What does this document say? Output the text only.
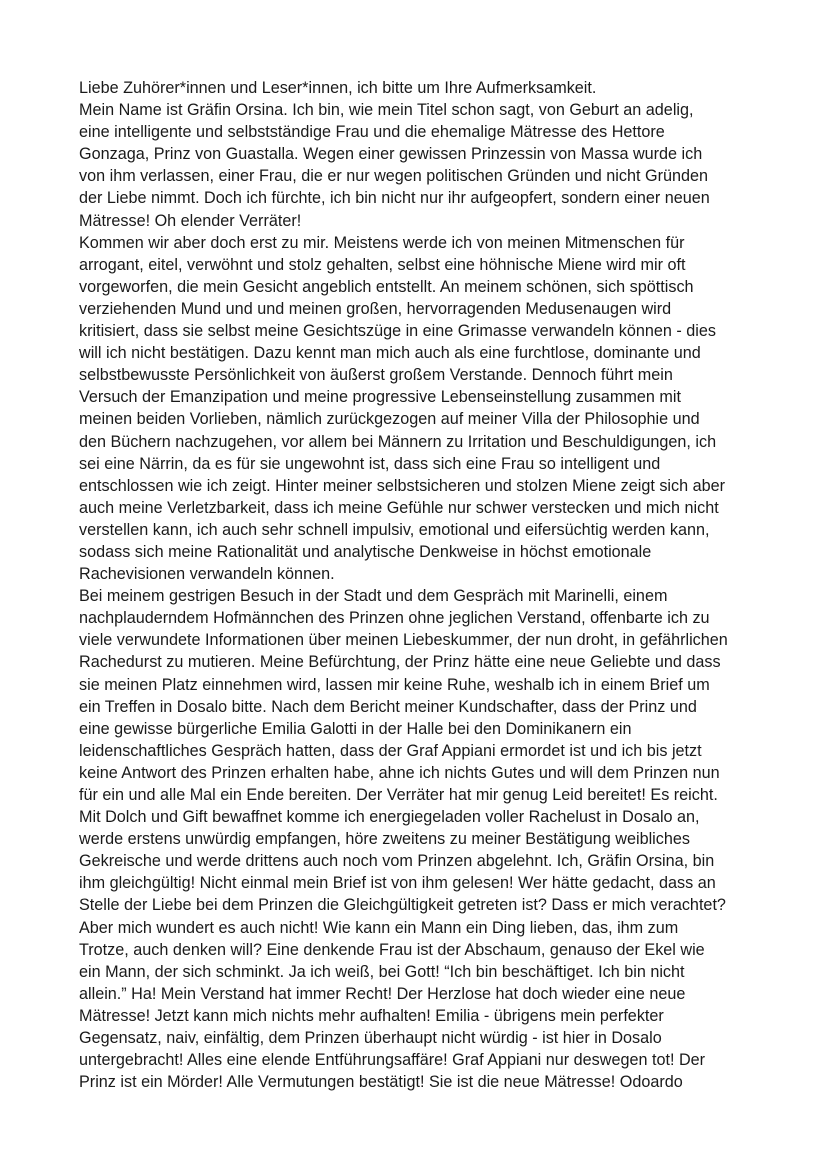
Liebe Zuhörer*innen und Leser*innen, ich bitte um Ihre Aufmerksamkeit.
Mein Name ist Gräfin Orsina. Ich bin, wie mein Titel schon sagt, von Geburt an adelig,
eine intelligente und selbstständige Frau und die ehemalige Mätresse des Hettore
Gonzaga, Prinz von Guastalla. Wegen einer gewissen Prinzessin von Massa wurde ich
von ihm verlassen, einer Frau, die er nur wegen politischen Gründen und nicht Gründen
der Liebe nimmt. Doch ich fürchte, ich bin nicht nur ihr aufgeopfert, sondern einer neuen
Mätresse! Oh elender Verräter!
Kommen wir aber doch erst zu mir. Meistens werde ich von meinen Mitmenschen für
arrogant, eitel, verwöhnt und stolz gehalten, selbst eine höhnische Miene wird mir oft
vorgeworfen, die mein Gesicht angeblich entstellt. An meinem schönen, sich spöttisch
verziehenden Mund und und meinen großen, hervorragenden Medusenaugen wird
kritisiert, dass sie selbst meine Gesichtszüge in eine Grimasse verwandeln können - dies
will ich nicht bestätigen. Dazu kennt man mich auch als eine furchtlose, dominante und
selbstbewusste Persönlichkeit von äußerst großem Verstande. Dennoch führt mein
Versuch der Emanzipation und meine progressive Lebenseinstellung zusammen mit
meinen beiden Vorlieben, nämlich zurückgezogen auf meiner Villa der Philosophie und
den Büchern nachzugehen, vor allem bei Männern zu Irritation und Beschuldigungen, ich
sei eine Närrin, da es für sie ungewohnt ist, dass sich eine Frau so intelligent und
entschlossen wie ich zeigt. Hinter meiner selbstsicheren und stolzen Miene zeigt sich aber
auch meine Verletzbarkeit, dass ich meine Gefühle nur schwer verstecken und mich nicht
verstellen kann, ich auch sehr schnell impulsiv, emotional und eifersüchtig werden kann,
sodass sich meine Rationalität und analytische Denkweise in höchst emotionale
Rachevisionen verwandeln können.
Bei meinem gestrigen Besuch in der Stadt und dem Gespräch mit Marinelli, einem
nachplauderndem Hofmännchen des Prinzen ohne jeglichen Verstand, offenbarte ich zu
viele verwundete Informationen über meinen Liebeskummer, der nun droht, in gefährlichen
Rachedurst zu mutieren. Meine Befürchtung, der Prinz hätte eine neue Geliebte und dass
sie meinen Platz einnehmen wird, lassen mir keine Ruhe, weshalb ich in einem Brief um
ein Treffen in Dosalo bitte. Nach dem Bericht meiner Kundschafter, dass der Prinz und
eine gewisse bürgerliche Emilia Galotti in der Halle bei den Dominikanern ein
leidenschaftliches Gespräch hatten, dass der Graf Appiani ermordet ist und ich bis jetzt
keine Antwort des Prinzen erhalten habe, ahne ich nichts Gutes und will dem Prinzen nun
für ein und alle Mal ein Ende bereiten. Der Verräter hat mir genug Leid bereitet! Es reicht.
Mit Dolch und Gift bewaffnet komme ich energiegeladen voller Rachelust in Dosalo an,
werde erstens unwürdig empfangen, höre zweitens zu meiner Bestätigung weibliches
Gekreische und werde drittens auch noch vom Prinzen abgelehnt. Ich, Gräfin Orsina, bin
ihm gleichgültig! Nicht einmal mein Brief ist von ihm gelesen! Wer hätte gedacht, dass an
Stelle der Liebe bei dem Prinzen die Gleichgültigkeit getreten ist? Dass er mich verachtet?
Aber mich wundert es auch nicht! Wie kann ein Mann ein Ding lieben, das, ihm zum
Trotze, auch denken will? Eine denkende Frau ist der Abschaum, genauso der Ekel wie
ein Mann, der sich schminkt. Ja ich weiß, bei Gott! “Ich bin beschäftiget. Ich bin nicht
allein.” Ha! Mein Verstand hat immer Recht! Der Herzlose hat doch wieder eine neue
Mätresse! Jetzt kann mich nichts mehr aufhalten! Emilia - übrigens mein perfekter
Gegensatz, naiv, einfältig, dem Prinzen überhaupt nicht würdig - ist hier in Dosalo
untergebracht! Alles eine elende Entführungsaffäre! Graf Appiani nur deswegen tot! Der
Prinz ist ein Mörder! Alle Vermutungen bestätigt! Sie ist die neue Mätresse! Odoardo
